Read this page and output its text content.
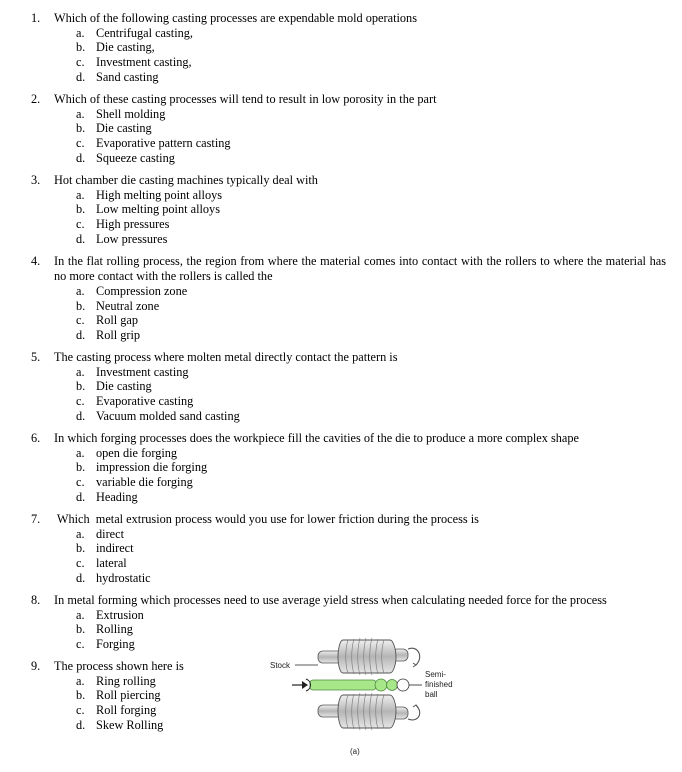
1. Which of the following casting processes are expendable mold operations
a. Centrifugal casting,
b. Die casting,
c. Investment casting,
d. Sand casting
2. Which of these casting processes will tend to result in low porosity in the part
a. Shell molding
b. Die casting
c. Evaporative pattern casting
d. Squeeze casting
3. Hot chamber die casting machines typically deal with
a. High melting point alloys
b. Low melting point alloys
c. High pressures
d. Low pressures
4. In the flat rolling process, the region from where the material comes into contact with the rollers to where the material has no more contact with the rollers is called the
a. Compression zone
b. Neutral zone
c. Roll gap
d. Roll grip
5. The casting process where molten metal directly contact the pattern is
a. Investment casting
b. Die casting
c. Evaporative casting
d. Vacuum molded sand casting
6. In which forging processes does the workpiece fill the cavities of the die to produce a more complex shape
a. open die forging
b. impression die forging
c. variable die forging
d. Heading
7. Which  metal extrusion process would you use for lower friction during the process is
a. direct
b. indirect
c. lateral
d. hydrostatic
8. In metal forming which processes need to use average yield stress when calculating needed force for the process
a. Extrusion
b. Rolling
c. Forging
9. The process shown here is
a. Ring rolling
b. Roll piercing
c. Roll forging
d. Skew Rolling
Stock
Semi-
finished
ball
(a)
